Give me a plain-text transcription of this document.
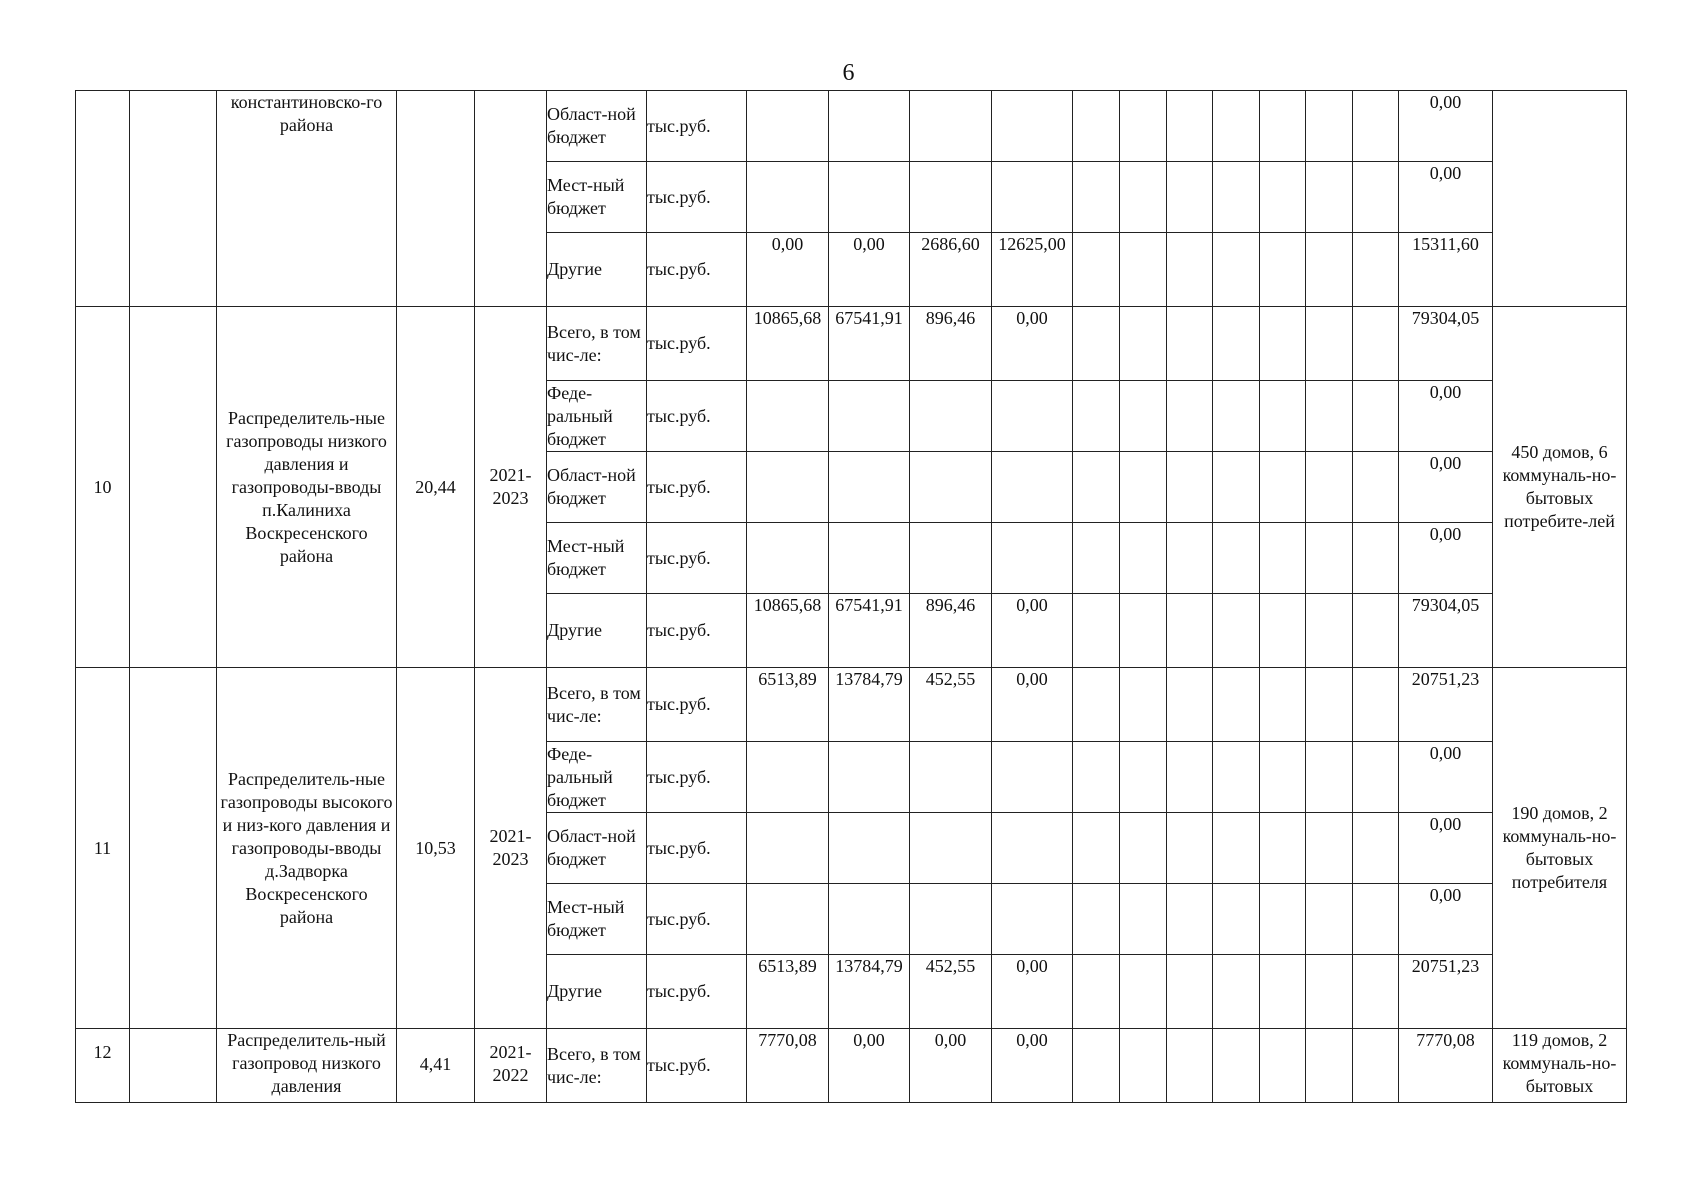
6
		константиновско-го района			Област-ной бюджет	тыс.руб.												0,00	
					Мест-ный бюджет	тыс.руб.												0,00	
					Другие	тыс.руб.	0,00	0,00	2686,60	12625,00								15311,60	
10		Распределитель-ные газопроводы низкого давления и газопроводы-вводы п.Калиниха Воскресенского района	20,44	2021-2023	Всего, в том чис-ле:	тыс.руб.	10865,68	67541,91	896,46	0,00								79304,05	450 домов, 6 коммуналь-но-бытовых потребите-лей
					Феде-ральный бюджет	тыс.руб.												0,00	
					Област-ной бюджет	тыс.руб.												0,00	
					Мест-ный бюджет	тыс.руб.												0,00	
					Другие	тыс.руб.	10865,68	67541,91	896,46	0,00								79304,05	
11		Распределитель-ные газопроводы высокого и низ-кого давления и газопроводы-вводы д.Задворка Воскресенского района	10,53	2021-2023	Всего, в том чис-ле:	тыс.руб.	6513,89	13784,79	452,55	0,00								20751,23	190 домов, 2 коммуналь-но-бытовых потребителя
					Феде-ральный бюджет	тыс.руб.												0,00	
					Област-ной бюджет	тыс.руб.												0,00	
					Мест-ный бюджет	тыс.руб.												0,00	
					Другие	тыс.руб.	6513,89	13784,79	452,55	0,00								20751,23	
12		Распределитель-ный газопровод низкого давления	4,41	2021-2022	Всего, в том чис-ле:	тыс.руб.	7770,08	0,00	0,00	0,00								7770,08	119 домов, 2 коммуналь-но-бытовых
